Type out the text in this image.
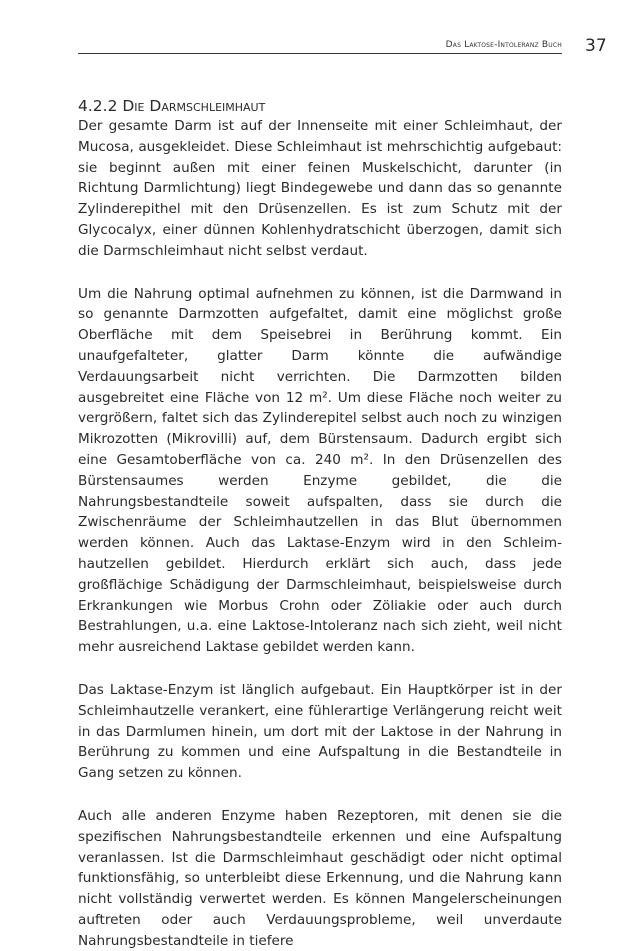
Das Laktose-Intoleranz Buch 37
4.2.2 Die Darmschleimhaut

Der gesamte Darm ist auf der Innenseite mit einer Schleimhaut, der Mucosa, ausgekleidet. Diese Schleimhaut ist mehrschichtig aufgebaut: sie beginnt außen mit einer feinen Muskelschicht, darunter (in Richtung Darmlichtung) liegt Bindegewebe und dann das so genannte Zylinderepithel mit den Drüsenzellen. Es ist zum Schutz mit der Glycocalyx, einer dünnen Kohlenhydratschicht überzogen, damit sich die Darmschleimhaut nicht selbst verdaut.

Um die Nahrung optimal aufnehmen zu können, ist die Darmwand in so genannte Darmzotten aufgefaltet, damit eine möglichst große Oberfläche mit dem Speisebrei in Berührung kommt. Ein unaufgefalteter, glatter Darm könnte die aufwändige Verdauungsarbeit nicht verrichten. Die Darmzotten bilden ausgebreitet eine Fläche von 12 m². Um diese Fläche noch weiter zu vergrößern, faltet sich das Zylinderepitel selbst auch noch zu winzigen Mikrozotten (Mikrovilli) auf, dem Bürstensaum. Dadurch ergibt sich eine Gesamtoberfläche von ca. 240 m². In den Drüsenzellen des Bürstensaumes werden Enzyme gebildet, die die Nahrungsbestandteile soweit aufspalten, dass sie durch die Zwischenräume der Schleimhautzellen in das Blut übernommen werden können. Auch das Laktase-Enzym wird in den Schleimhautzellen gebildet. Hierdurch erklärt sich auch, dass jede großflächige Schädigung der Darmschleimhaut, beispielsweise durch Erkrankungen wie Morbus Crohn oder Zöliakie oder auch durch Bestrahlungen, u.a. eine Laktose-Intoleranz nach sich zieht, weil nicht mehr ausreichend Laktase gebildet werden kann.

Das Laktase-Enzym ist länglich aufgebaut. Ein Hauptkörper ist in der Schleimhautzelle verankert, eine fühlerartige Verlängerung reicht weit in das Darmlumen hinein, um dort mit der Laktose in der Nahrung in Berührung zu kommen und eine Aufspaltung in die Bestandteile in Gang setzen zu können.

Auch alle anderen Enzyme haben Rezeptoren, mit denen sie die spezifischen Nahrungsbestandteile erkennen und eine Aufspaltung veranlassen. Ist die Darmschleimhaut geschädigt oder nicht optimal funktionsfähig, so unterbleibt diese Erkennung, und die Nahrung kann nicht vollständig verwertet werden. Es können Mangelerscheinungen auftreten oder auch Verdauungsprobleme, weil unverdaute Nahrungsbestandteile in tiefere
